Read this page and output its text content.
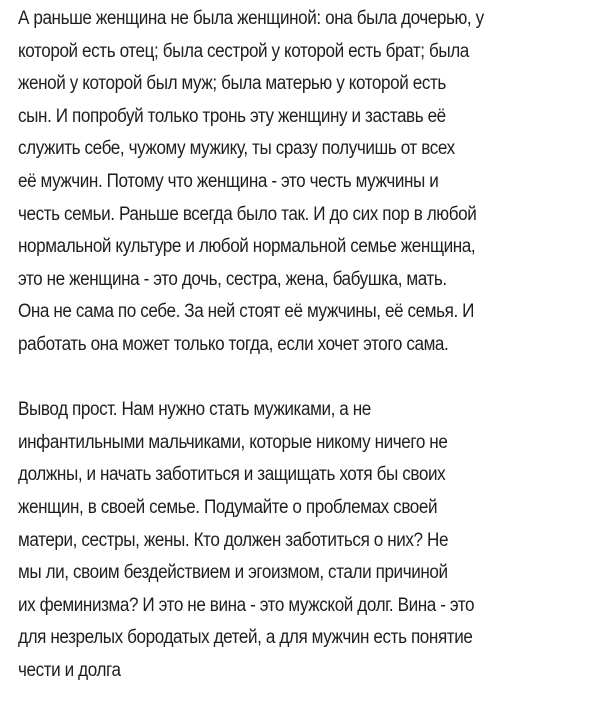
А раньше женщина не была женщиной: она была дочерью, у
которой есть отец; была сестрой у которой есть брат; была
женой у которой был муж; была матерью у которой есть
сын. И попробуй только тронь эту женщину и заставь её
служить себе, чужому мужику, ты сразу получишь от всех
её мужчин. Потому что женщина - это честь мужчины и
честь семьи. Раньше всегда было так. И до сих пор в любой
нормальной культуре и любой нормальной семье женщина,
это не женщина - это дочь, сестра, жена, бабушка, мать.
Она не сама по себе. За ней стоят её мужчины, её семья. И
работать она может только тогда, если хочет этого сама.
Вывод прост. Нам нужно стать мужиками, а не
инфантильными мальчиками, которые никому ничего не
должны, и начать заботиться и защищать хотя бы своих
женщин, в своей семье. Подумайте о проблемах своей
матери, сестры, жены. Кто должен заботиться о них? Не
мы ли, своим бездействием и эгоизмом, стали причиной
их феминизма? И это не вина - это мужской долг. Вина - это
для незрелых бородатых детей, а для мужчин есть понятие
чести и долга
